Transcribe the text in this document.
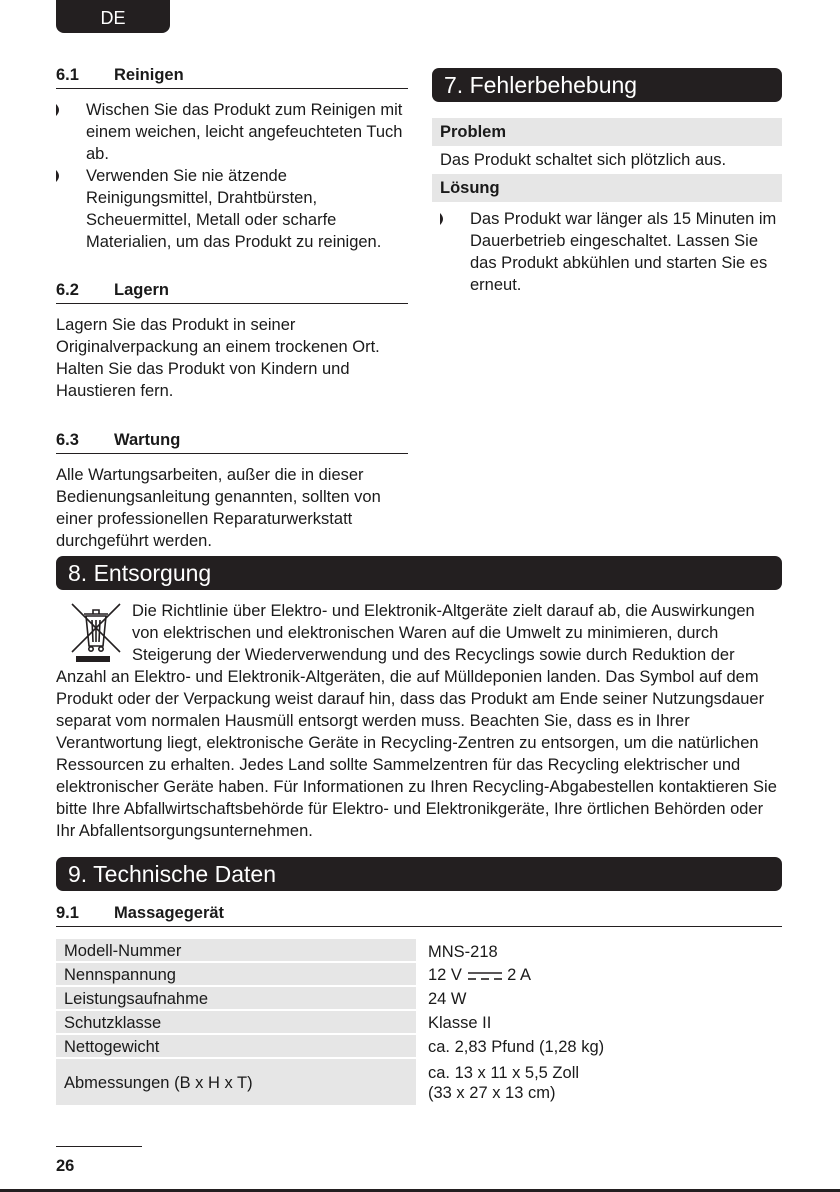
DE
6.1	Reinigen
Wischen Sie das Produkt zum Reinigen mit einem weichen, leicht angefeuchteten Tuch ab.
Verwenden Sie nie ätzende Reinigungsmittel, Drahtbürsten, Scheuermittel, Metall oder scharfe Materialien, um das Produkt zu reinigen.
6.2	Lagern

Lagern Sie das Produkt in seiner Originalverpackung an einem trockenen Ort. Halten Sie das Produkt von Kindern und Haustieren fern.

6.3	Wartung

Alle Wartungsarbeiten, außer die in dieser Bedienungsanleitung genannten, sollten von einer professionellen Reparaturwerkstatt durchgeführt werden.

7. Fehlerbehebung
Problem
Das Produkt schaltet sich plötzlich aus.
Lösung
Das Produkt war länger als 15 Minuten im Dauerbetrieb eingeschaltet. Lassen Sie das Produkt abkühlen und starten Sie es erneut.
8. Entsorgung
Die Richtlinie über Elektro- und Elektronik-Altgeräte zielt darauf ab, die Auswirkungen von elektrischen und elektronischen Waren auf die Umwelt zu minimieren, durch Steigerung der Wiederverwendung und des Recyclings sowie durch Reduktion der Anzahl an Elektro- und Elektronik-Altgeräten, die auf Mülldeponien landen. Das Symbol auf dem Produkt oder der Verpackung weist darauf hin, dass das Produkt am Ende seiner Nutzungsdauer separat vom normalen Hausmüll entsorgt werden muss. Beachten Sie, dass es in Ihrer Verantwortung liegt, elektronische Geräte in Recycling-Zentren zu entsorgen, um die natürlichen Ressourcen zu erhalten. Jedes Land sollte Sammelzentren für das Recycling elektrischer und elektronischer Geräte haben. Für Informationen zu Ihren Recycling-Abgabestellen kontaktieren Sie bitte Ihre Abfallwirtschaftsbehörde für Elektro- und Elektronikgeräte, Ihre örtlichen Behörden oder Ihr Abfallentsorgungsunternehmen.
9. Technische Daten
9.1	Massagegerät
Modell-Nummer		MNS-218
Nennspannung		12 V 2 A
Leistungsaufnahme		24 W
Schutzklasse		Klasse II
Nettogewicht		ca. 2,83 Pfund (1,28 kg)
Abmessungen (B x H x T)		ca. 13 x 11 x 5,5 Zoll
(33 x 27 x 13 cm)
26
